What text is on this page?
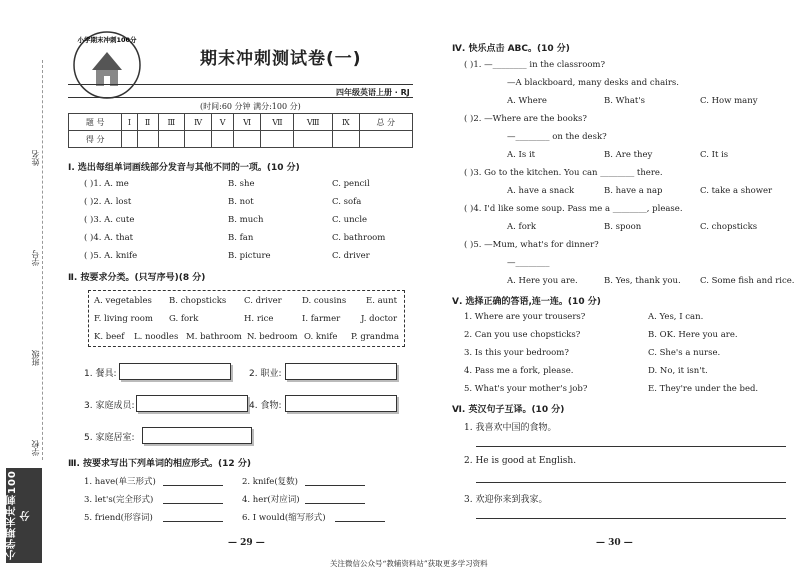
姓名
学号
班级
学校
小学期末冲刺100分
小学期末冲刺100分
期末冲刺测试卷(一)
四年级英语上册 · RJ
(时间:60 分钟 满分:100 分)
题 号	Ⅰ	Ⅱ	Ⅲ	Ⅳ	Ⅴ	Ⅵ	Ⅶ	Ⅷ	Ⅸ	总 分
得 分										
Ⅰ. 选出每组单词画线部分发音与其他不同的一项。(10 分)
( )1. A. me	B. she	C. pencil
( )2. A. lost	B. not	C. sofa
( )3. A. cute	B. much	C. uncle
( )4. A. that	B. fan	C. bathroom
( )5. A. knife	B. picture	C. driver
Ⅱ. 按要求分类。(只写序号)(8 分)
A. vegetables B. chopsticks C. driver D. cousins E. aunt
F. living room G. fork	H. rice	I. farmer J. doctor
K. beef L. noodles M. bathroom N. bedroom O. knife P. grandma
1. 餐具:	2. 职业:
3. 家庭成员:	4. 食物:
5. 家庭居室:
Ⅲ. 按要求写出下列单词的相应形式。(12 分)
1. have(单三形式)	2. knife(复数)
3. let's(完全形式)	4. her(对应词)
5. friend(形容词)	6. I would(缩写形式)
— 29 —
Ⅳ. 快乐点击 ABC。(10 分)
( )1. —________ in the classroom?
—A blackboard, many desks and chairs.
A. Where	B. What's	C. How many
( )2. —Where are the books?
—________ on the desk?
A. Is it	B. Are they	C. It is
( )3. Go to the kitchen. You can ________ there.
A. have a snack	B. have a nap	C. take a shower
( )4. I'd like some soup. Pass me a ________, please.
A. fork	B. spoon	C. chopsticks
( )5. —Mum, what's for dinner?
—________
A. Here you are.	B. Yes, thank you. C. Some fish and rice.
Ⅴ. 选择正确的答语,连一连。(10 分)
1. Where are your trousers?	A. Yes, I can.
2. Can you use chopsticks?	B. OK. Here you are.
3. Is this your bedroom?	C. She's a nurse.
4. Pass me a fork, please.	D. No, it isn't.
5. What's your mother's job?	E. They're under the bed.
Ⅵ. 英汉句子互译。(10 分)
1. 我喜欢中国的食物。
2. He is good at English.
3. 欢迎你来到我家。
— 30 —
关注微信公众号“教辅资料站”获取更多学习资料
